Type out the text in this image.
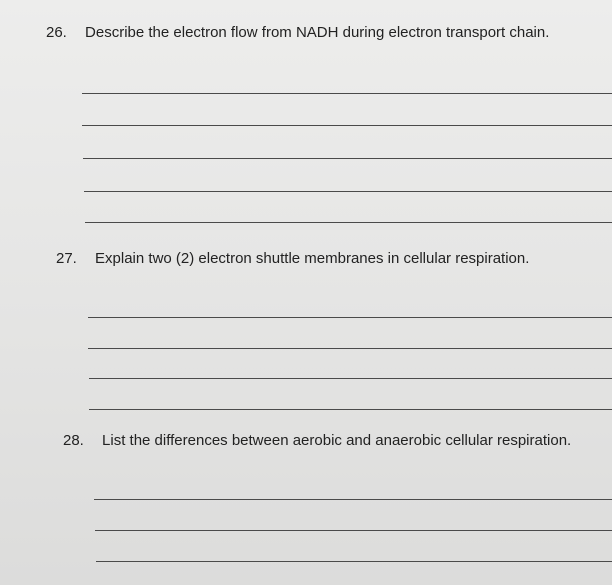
26. Describe the electron flow from NADH during electron transport chain.
27. Explain two (2) electron shuttle membranes in cellular respiration.
28. List the differences between aerobic and anaerobic cellular respiration.
